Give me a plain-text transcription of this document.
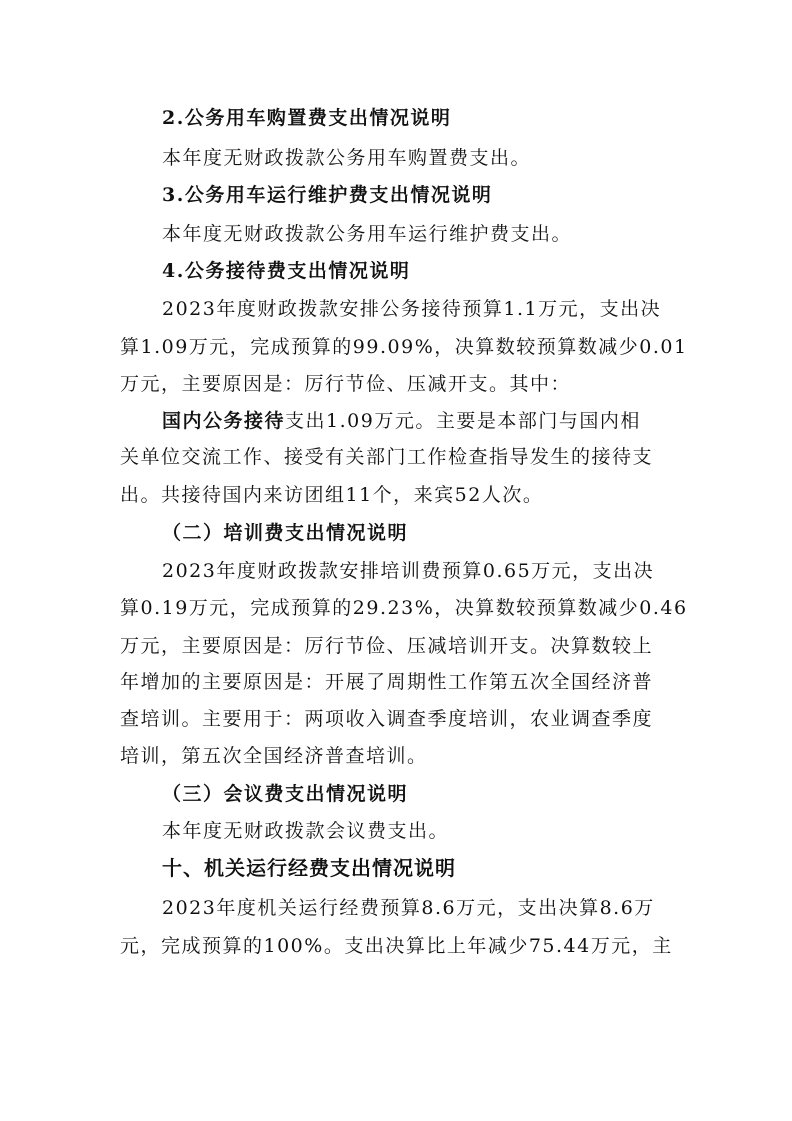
2.公务用车购置费支出情况说明
本年度无财政拨款公务用车购置费支出。
3.公务用车运行维护费支出情况说明
本年度无财政拨款公务用车运行维护费支出。
4.公务接待费支出情况说明
2023年度财政拨款安排公务接待预算1.1万元，支出决
算1.09万元，完成预算的99.09%，决算数较预算数减少0.01
万元，主要原因是：厉行节俭、压减开支。其中：
国内公务接待支出1.09万元。主要是本部门与国内相
关单位交流工作、接受有关部门工作检查指导发生的接待支
出。共接待国内来访团组11个，来宾52人次。
（二）培训费支出情况说明
2023年度财政拨款安排培训费预算0.65万元，支出决
算0.19万元，完成预算的29.23%，决算数较预算数减少0.46
万元，主要原因是：厉行节俭、压减培训开支。决算数较上
年增加的主要原因是：开展了周期性工作第五次全国经济普
查培训。主要用于：两项收入调查季度培训，农业调查季度
培训，第五次全国经济普查培训。
（三）会议费支出情况说明
本年度无财政拨款会议费支出。
十、机关运行经费支出情况说明
2023年度机关运行经费预算8.6万元，支出决算8.6万
元，完成预算的100%。支出决算比上年减少75.44万元，主
